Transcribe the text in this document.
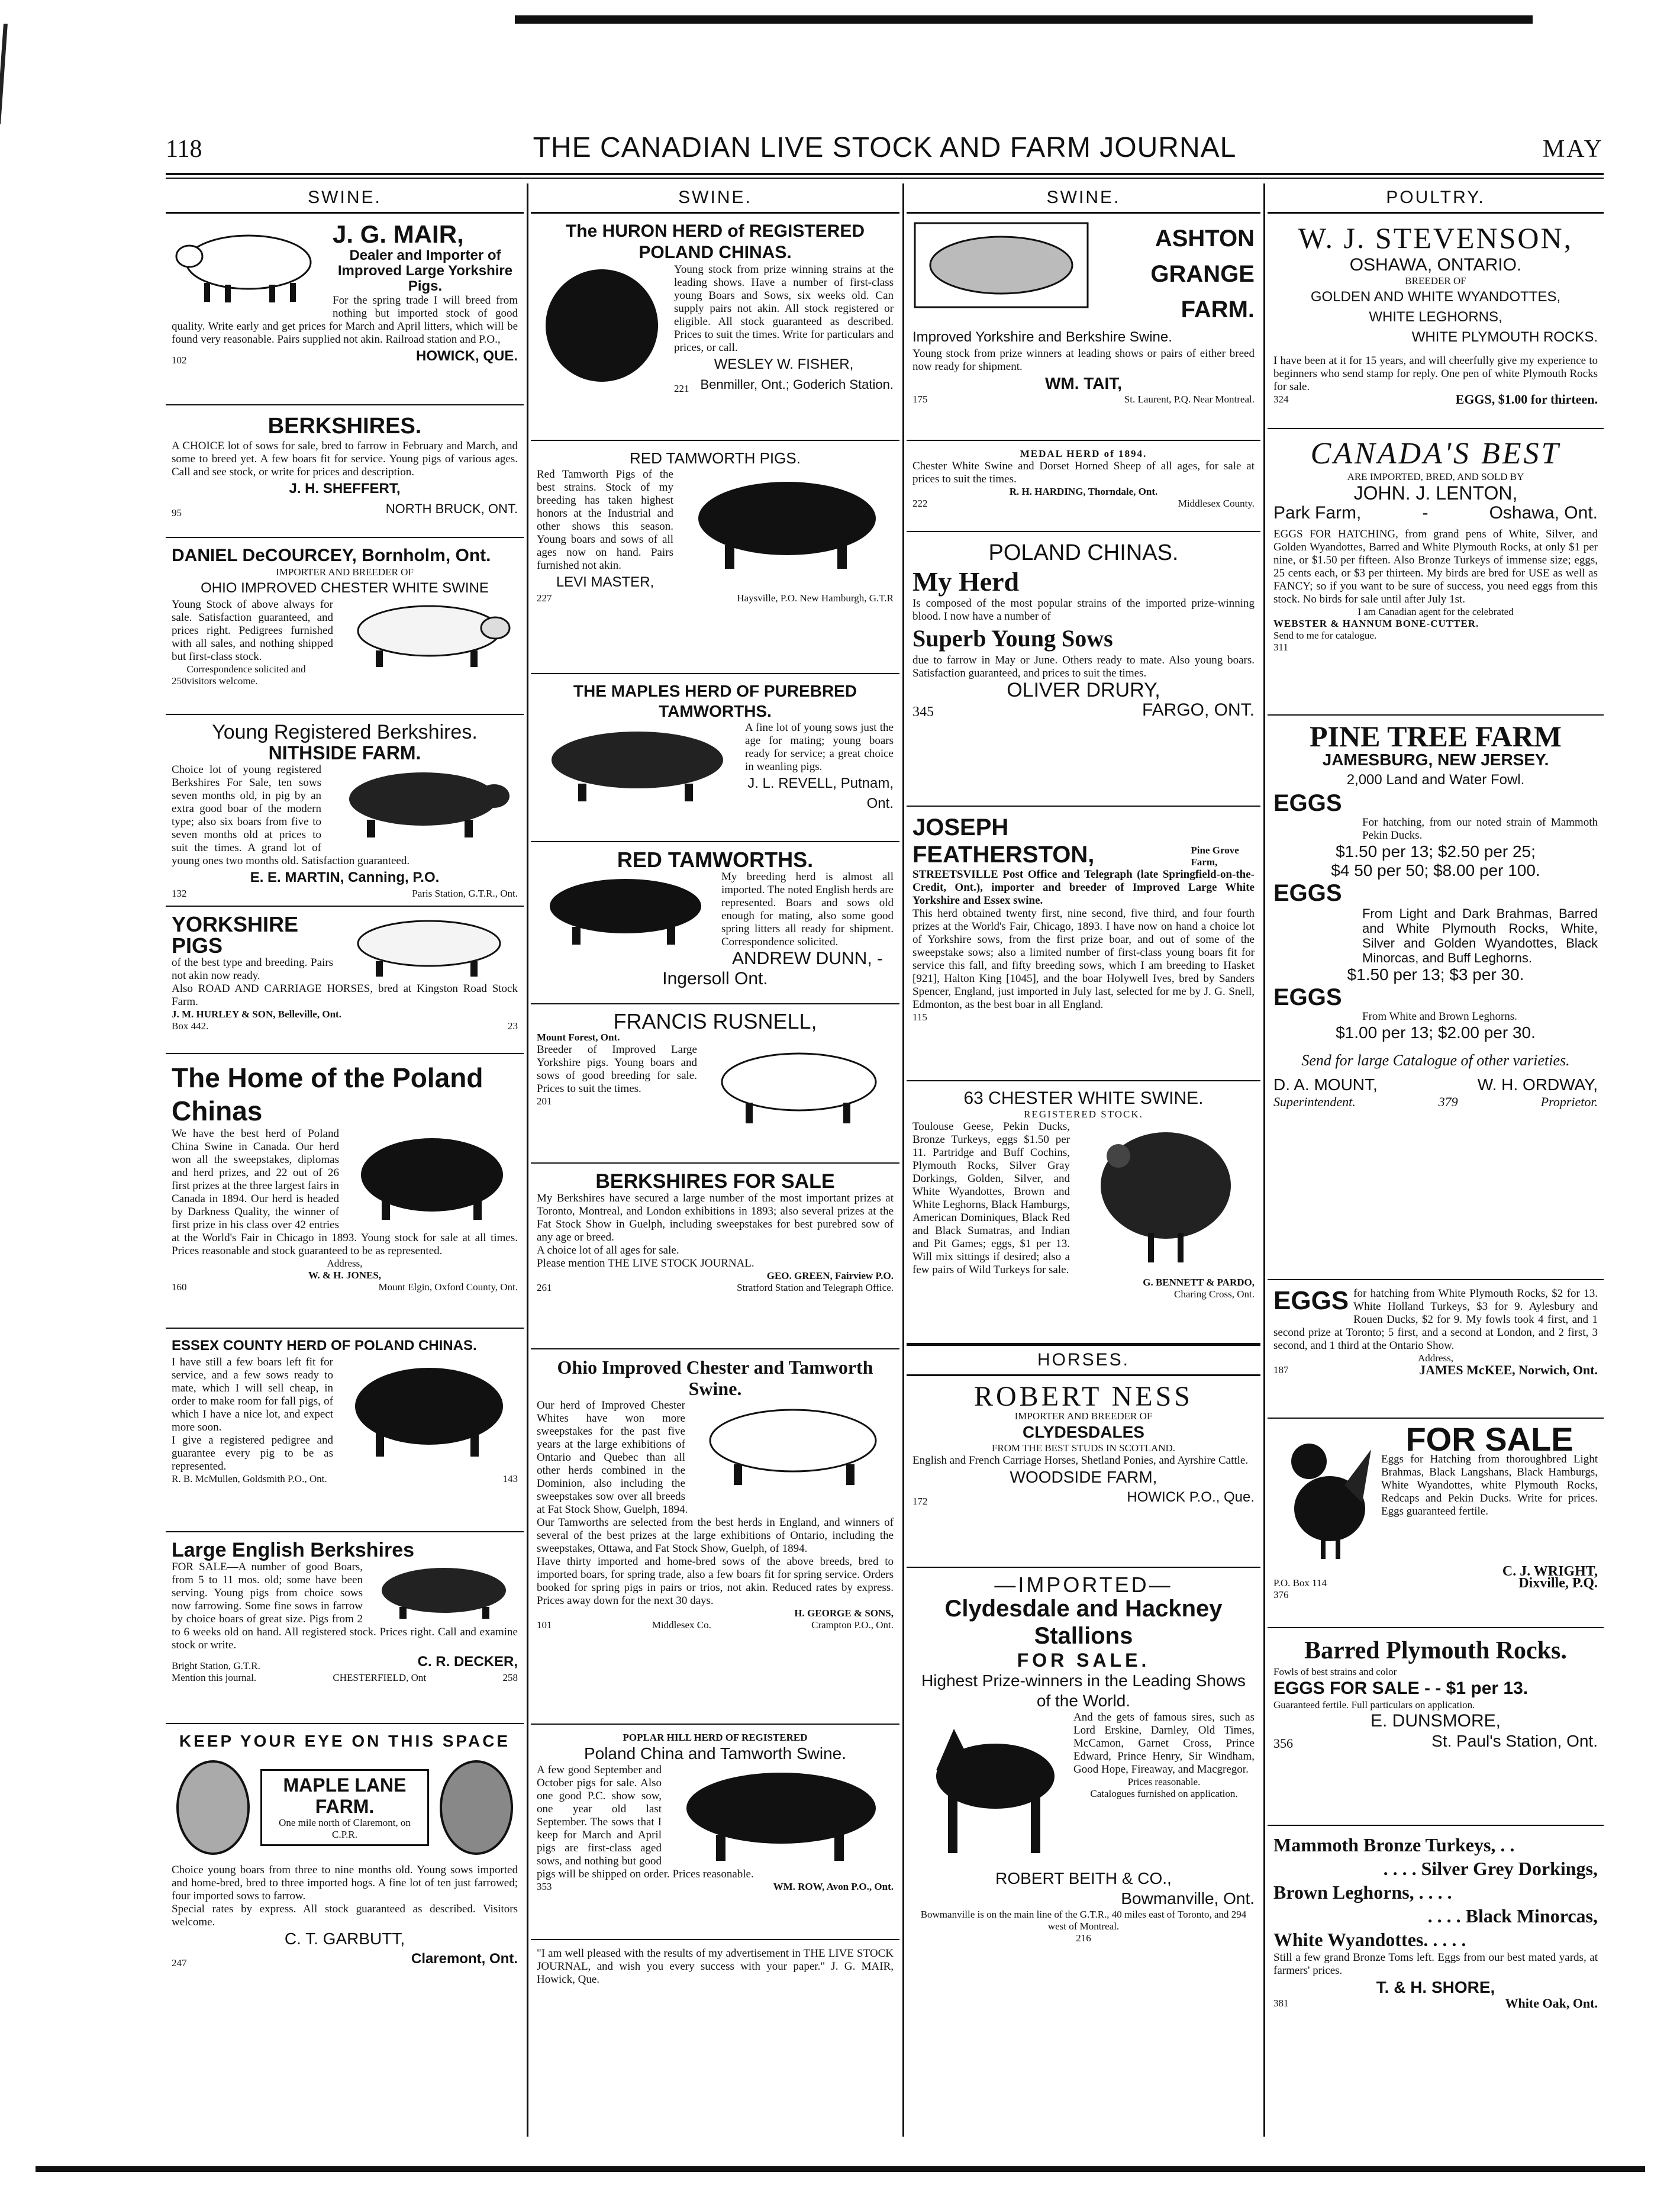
118	THE CANADIAN LIVE STOCK AND FARM JOURNAL	MAY
SWINE.
J. G. MAIR,
Dealer and Importer of Improved Large Yorkshire Pigs.
For the spring trade I will breed from nothing but imported stock of good quality. Write early and get prices for March and April litters, which will be found very reasonable. Pairs supplied not akin. Railroad station and P.O.,
102	HOWICK, QUE.
BERKSHIRES.
A CHOICE lot of sows for sale, bred to farrow in February and March, and some to breed yet. A few boars fit for service. Young pigs of various ages. Call and see stock, or write for prices and description.
J. H. SHEFFERT,
95	NORTH BRUCK, ONT.
DANIEL DeCOURCEY, Bornholm, Ont.
IMPORTER AND BREEDER OF
OHIO IMPROVED CHESTER WHITE SWINE
Young Stock of above always for sale. Satisfaction guaranteed, and prices right. Pedigrees furnished with all sales, and nothing shipped but first-class stock.
250
Correspondence solicited and visitors welcome.
Young Registered Berkshires.
NITHSIDE FARM.
Choice lot of young registered Berkshires For Sale, ten sows seven months old, in pig by an extra good boar of the modern type; also six boars from five to seven months old at prices to suit the times. A grand lot of young ones two months old. Satisfaction guaranteed.
E. E. MARTIN, Canning, P.O.
132	Paris Station, G.T.R., Ont.
YORKSHIRE PIGS
of the best type and breeding. Pairs not akin now ready.
Also ROAD AND CARRIAGE HORSES, bred at Kingston Road Stock Farm.
J. M. HURLEY & SON, Belleville, Ont.
Box 442.	23
The Home of the Poland Chinas
We have the best herd of Poland China Swine in Canada. Our herd won all the sweepstakes, diplomas and herd prizes, and 22 out of 26 first prizes at the three largest fairs in Canada in 1894. Our herd is headed by Darkness Quality, the winner of first prize in his class over 42 entries at the World's Fair in Chicago in 1893. Young stock for sale at all times. Prices reasonable and stock guaranteed to be as represented.
Address,
W. & H. JONES,
160	Mount Elgin, Oxford County, Ont.
ESSEX COUNTY HERD OF POLAND CHINAS.
I have still a few boars left fit for service, and a few sows ready to mate, which I will sell cheap, in order to make room for fall pigs, of which I have a nice lot, and expect more soon.
I give a registered pedigree and guarantee every pig to be as represented.
R. B. McMullen, Goldsmith P.O., Ont.	143
Large English Berkshires
FOR SALE—A number of good Boars, from 5 to 11 mos. old; some have been serving. Young pigs from choice sows now farrowing. Some fine sows in farrow by choice boars of great size. Pigs from 2 to 6 weeks old on hand. All registered stock. Prices right. Call and examine stock or write.
Bright Station, G.T.R.	C. R. DECKER,
Mention this journal.	CHESTERFIELD, Ont	258
KEEP YOUR EYE ON THIS SPACE
MAPLE LANE FARM.
One mile north of Claremont, on C.P.R.
Choice young boars from three to nine months old. Young sows imported and home-bred, bred to three imported hogs. A fine lot of ten just farrowed; four imported sows to farrow.
Special rates by express. All stock guaranteed as described. Visitors welcome.
C. T. GARBUTT,
247	Claremont, Ont.
SWINE.
The HURON HERD of REGISTERED POLAND CHINAS.
Young stock from prize winning strains at the leading shows. Have a number of first-class young Boars and Sows, six weeks old. Can supply pairs not akin. All stock registered or eligible. All stock guaranteed as described. Prices to suit the times. Write for particulars and prices, or call.
WESLEY W. FISHER,
221 Benmiller, Ont.; Goderich Station.
RED TAMWORTH PIGS.
Red Tamworth Pigs of the best strains. Stock of my breeding has taken highest honors at the Industrial and other shows this season. Young boars and sows of all ages now on hand. Pairs furnished not akin.
LEVI MASTER,
227	Haysville, P.O. New Hamburgh, G.T.R
THE MAPLES HERD OF PUREBRED TAMWORTHS.
A fine lot of young sows just the age for mating; young boars ready for service; a great choice in weanling pigs.
J. L. REVELL, Putnam, Ont.
RED TAMWORTHS.
My breeding herd is almost all imported. The noted English herds are represented. Boars and sows old enough for mating, also some good spring litters all ready for shipment. Correspondence solicited.
ANDREW DUNN, - Ingersoll Ont.
FRANCIS RUSNELL,
Mount Forest, Ont.
Breeder of Improved Large Yorkshire pigs. Young boars and sows of good breeding for sale. Prices to suit the times.
201
BERKSHIRES FOR SALE
My Berkshires have secured a large number of the most important prizes at Toronto, Montreal, and London exhibitions in 1893; also several prizes at the Fat Stock Show in Guelph, including sweepstakes for best purebred sow of any age or breed.
A choice lot of all ages for sale.
Please mention THE LIVE STOCK JOURNAL.
GEO. GREEN, Fairview P.O.
261	Stratford Station and Telegraph Office.
Ohio Improved Chester and Tamworth Swine.
Our herd of Improved Chester Whites have won more sweepstakes for the past five years at the large exhibitions of Ontario and Quebec than all other herds combined in the Dominion, also including the sweepstakes sow over all breeds at Fat Stock Show, Guelph, 1894.
Our Tamworths are selected from the best herds in England, and winners of several of the best prizes at the large exhibitions of Ontario, including the sweepstakes, Ottawa, and Fat Stock Show, Guelph, of 1894.
Have thirty imported and home-bred sows of the above breeds, bred to imported boars, for spring trade, also a few boars fit for spring service. Orders booked for spring pigs in pairs or trios, not akin. Reduced rates by express. Prices away down for the next 30 days.
H. GEORGE & SONS,
101	Middlesex Co.	Crampton P.O., Ont.
POPLAR HILL HERD OF REGISTERED
Poland China and Tamworth Swine.
A few good September and October pigs for sale. Also one good P.C. show sow, one year old last September. The sows that I keep for March and April pigs are first-class aged sows, and nothing but good pigs will be shipped on order. Prices reasonable.
353	WM. ROW, Avon P.O., Ont.
"I am well pleased with the results of my advertisement in THE LIVE STOCK JOURNAL, and wish you every success with your paper." J. G. MAIR, Howick, Que.
SWINE.
ASHTON GRANGE FARM.
Improved Yorkshire and Berkshire Swine.
Young stock from prize winners at leading shows or pairs of either breed now ready for shipment.
WM. TAIT,
175	St. Laurent, P.Q. Near Montreal.
MEDAL HERD of 1894.
Chester White Swine and Dorset Horned Sheep of all ages, for sale at prices to suit the times.
R. H. HARDING, Thorndale, Ont.
222	Middlesex County.
POLAND CHINAS.
My Herd
Is composed of the most popular strains of the imported prize-winning blood. I now have a number of
Superb Young Sows
due to farrow in May or June. Others ready to mate. Also young boars. Satisfaction guaranteed, and prices to suit the times.
OLIVER DRURY,
345	FARGO, ONT.
JOSEPH FEATHERSTON,	Pine Grove Farm,
STREETSVILLE Post Office and Telegraph (late Springfield-on-the-Credit, Ont.), importer and breeder of Improved Large White Yorkshire and Essex swine.
This herd obtained twenty first, nine second, five third, and four fourth prizes at the World's Fair, Chicago, 1893. I have now on hand a choice lot of Yorkshire sows, from the first prize boar, and out of some of the sweepstake sows; also a limited number of first-class young boars fit for service this fall, and fifty breeding sows, which I am breeding to Hasket [921], Halton King [1045], and the boar Holywell Ives, bred by Sanders Spencer, England, just imported in July last, selected for me by J. G. Snell, Edmonton, as the best boar in all England.
115
63 CHESTER WHITE SWINE.
REGISTERED STOCK.
Toulouse Geese, Pekin Ducks, Bronze Turkeys, eggs $1.50 per 11. Partridge and Buff Cochins, Plymouth Rocks, Silver Gray Dorkings, Golden, Silver, and White Wyandottes, Brown and White Leghorns, Black Hamburgs, American Dominiques, Black Red and Black Sumatras, and Indian and Pit Games; eggs, $1 per 13. Will mix sittings if desired; also a few pairs of Wild Turkeys for sale.
G. BENNETT & PARDO,
Charing Cross, Ont.
HORSES.
ROBERT NESS
IMPORTER AND BREEDER OF
CLYDESDALES
FROM THE BEST STUDS IN SCOTLAND.
English and French Carriage Horses, Shetland Ponies, and Ayrshire Cattle.
WOODSIDE FARM,
172	HOWICK P.O., Que.
—IMPORTED—
Clydesdale and Hackney Stallions
FOR SALE.
Highest Prize-winners in the Leading Shows of the World.
And the gets of famous sires, such as Lord Erskine, Darnley, Old Times, McCamon, Garnet Cross, Prince Edward, Prince Henry, Sir Windham, Good Hope, Fireaway, and Macgregor.
Prices reasonable.
Catalogues furnished on application.
ROBERT BEITH & CO.,
Bowmanville, Ont.
Bowmanville is on the main line of the G.T.R., 40 miles east of Toronto, and 294 west of Montreal.
216
POULTRY.
W. J. STEVENSON,
OSHAWA, ONTARIO.
BREEDER OF
GOLDEN AND WHITE WYANDOTTES,
WHITE LEGHORNS,
WHITE PLYMOUTH ROCKS.
I have been at it for 15 years, and will cheerfully give my experience to beginners who send stamp for reply. One pen of white Plymouth Rocks for sale.
324	EGGS, $1.00 for thirteen.
CANADA'S BEST
ARE IMPORTED, BRED, AND SOLD BY
JOHN. J. LENTON,
Park Farm,	-	Oshawa, Ont.
EGGS FOR HATCHING, from grand pens of White, Silver, and Golden Wyandottes, Barred and White Plymouth Rocks, at only $1 per nine, or $1.50 per fifteen. Also Bronze Turkeys of immense size; eggs, 25 cents each, or $3 per thirteen. My birds are bred for USE as well as FANCY; so if you want to be sure of success, you need eggs from this stock. No birds for sale until after July 1st.
I am Canadian agent for the celebrated
WEBSTER & HANNUM BONE-CUTTER.
Send to me for catalogue.
311
PINE TREE FARM
JAMESBURG, NEW JERSEY.
2,000 Land and Water Fowl.
EGGS
For hatching, from our noted strain of Mammoth Pekin Ducks.
$1.50 per 13; $2.50 per 25;
$4 50 per 50; $8.00 per 100.
EGGS
From Light and Dark Brahmas, Barred and White Plymouth Rocks, White, Silver and Golden Wyandottes, Black Minorcas, and Buff Leghorns.
$1.50 per 13; $3 per 30.
EGGS
From White and Brown Leghorns.
$1.00 per 13; $2.00 per 30.
Send for large Catalogue of other varieties.
D. A. MOUNT,	W. H. ORDWAY,
Superintendent.	379	Proprietor.
EGGS for hatching from White Plymouth Rocks, $2 for 13. White Holland Turkeys, $3 for 9. Aylesbury and Rouen Ducks, $2 for 9. My fowls took 4 first, and 1 second prize at Toronto; 5 first, and a second at London, and 2 first, 3 second, and 1 third at the Ontario Show.
Address,
187	JAMES McKEE, Norwich, Ont.
FOR SALE
Eggs for Hatching from thoroughbred Light Brahmas, Black Langshans, Black Hamburgs, White Wyandottes, white Plymouth Rocks, Redcaps and Pekin Ducks. Write for prices. Eggs guaranteed fertile.
C. J. WRIGHT,
P.O. Box 114	Dixville, P.Q.
376
Barred Plymouth Rocks.
Fowls of best strains and color
EGGS FOR SALE - - $1 per 13.
Guaranteed fertile. Full particulars on application.
E. DUNSMORE,
356	St. Paul's Station, Ont.
Mammoth Bronze Turkeys, . .
. . . . Silver Grey Dorkings,
Brown Leghorns, . . . .
. . . . Black Minorcas,
White Wyandottes. . . . .
Still a few grand Bronze Toms left. Eggs from our best mated yards, at farmers' prices.
T. & H. SHORE,
381	White Oak, Ont.
